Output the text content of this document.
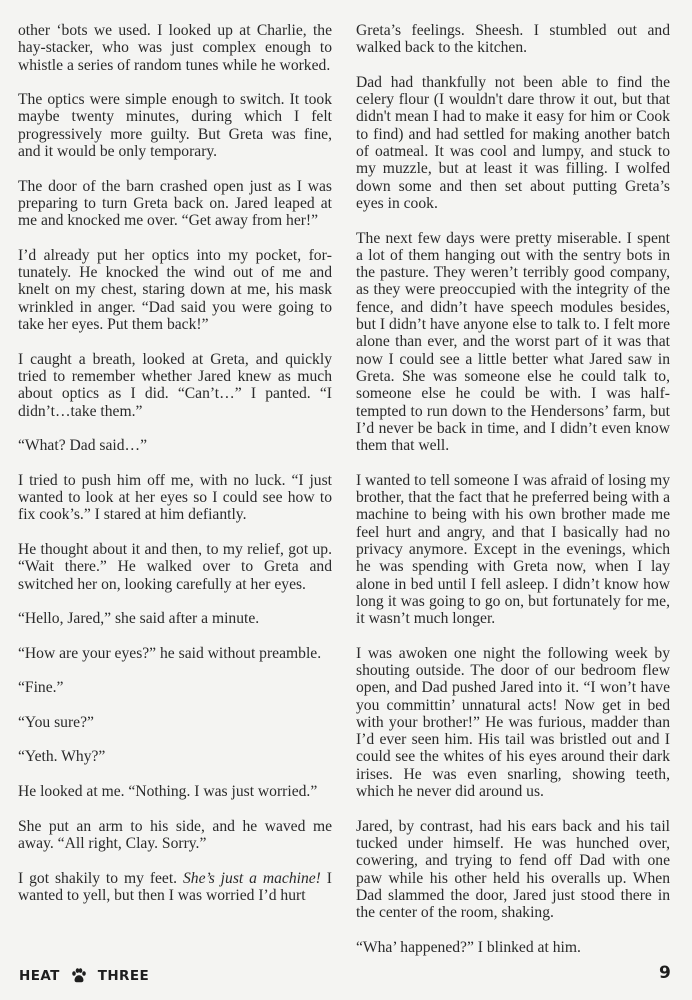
other ‘bots we used. I looked up at Charlie, the hay-stacker, who was just complex enough to whistle a series of random tunes while he worked.

The optics were simple enough to switch. It took maybe twenty minutes, during which I felt progressively more guilty. But Greta was fine, and it would be only temporary.

The door of the barn crashed open just as I was preparing to turn Greta back on. Jared leaped at me and knocked me over. “Get away from her!”

I’d already put her optics into my pocket, fortunately. He knocked the wind out of me and knelt on my chest, staring down at me, his mask wrinkled in anger. “Dad said you were going to take her eyes. Put them back!”

I caught a breath, looked at Greta, and quickly tried to remember whether Jared knew as much about optics as I did. “Can’t…” I panted. “I didn’t…take them.”

“What? Dad said…”

I tried to push him off me, with no luck. “I just wanted to look at her eyes so I could see how to fix cook’s.” I stared at him defiantly.

He thought about it and then, to my relief, got up. “Wait there.” He walked over to Greta and switched her on, looking carefully at her eyes.

“Hello, Jared,” she said after a minute.

“How are your eyes?” he said without preamble.

“Fine.”

“You sure?”

“Yeth. Why?”

He looked at me. “Nothing. I was just worried.”

She put an arm to his side, and he waved me away. “All right, Clay. Sorry.”

I got shakily to my feet. She’s just a machine! I wanted to yell, but then I was worried I’d hurt

Greta’s feelings. Sheesh. I stumbled out and walked back to the kitchen.

Dad had thankfully not been able to find the celery flour (I wouldn't dare throw it out, but that didn't mean I had to make it easy for him or Cook to find) and had settled for making another batch of oatmeal. It was cool and lumpy, and stuck to my muzzle, but at least it was filling. I wolfed down some and then set about putting Greta’s eyes in cook.

The next few days were pretty miserable. I spent a lot of them hanging out with the sentry bots in the pasture. They weren’t terribly good company, as they were preoccupied with the integrity of the fence, and didn’t have speech modules besides, but I didn’t have anyone else to talk to. I felt more alone than ever, and the worst part of it was that now I could see a little better what Jared saw in Greta. She was someone else he could talk to, someone else he could be with. I was half-tempted to run down to the Hendersons’ farm, but I’d never be back in time, and I didn’t even know them that well.

I wanted to tell someone I was afraid of losing my brother, that the fact that he preferred being with a machine to being with his own brother made me feel hurt and angry, and that I basically had no privacy anymore. Except in the evenings, which he was spending with Greta now, when I lay alone in bed until I fell asleep. I didn’t know how long it was going to go on, but fortunately for me, it wasn’t much longer.

I was awoken one night the following week by shouting outside. The door of our bedroom flew open, and Dad pushed Jared into it. “I won’t have you committin’ unnatural acts! Now get in bed with your brother!” He was furious, madder than I’d ever seen him. His tail was bristled out and I could see the whites of his eyes around their dark irises. He was even snarling, showing teeth, which he never did around us.

Jared, by contrast, had his ears back and his tail tucked under himself. He was hunched over, cowering, and trying to fend off Dad with one paw while his other held his overalls up. When Dad slammed the door, Jared just stood there in the center of the room, shaking.

“Wha’ happened?” I blinked at him.

HEAT	THREE	9
